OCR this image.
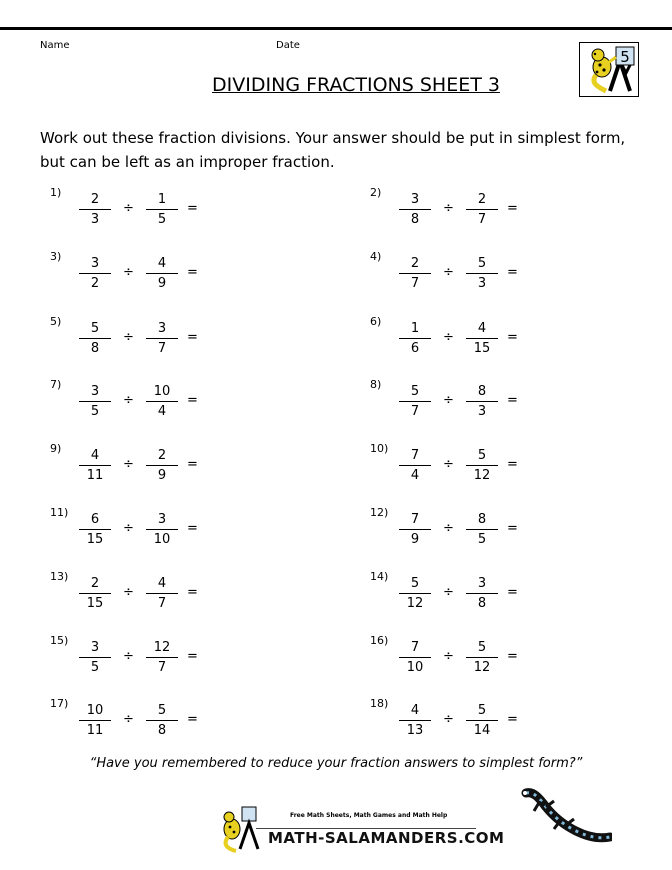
Name	Date
DIVIDING FRACTIONS SHEET 3
5
Work out these fraction divisions. Your answer should be put in simplest form, but can be left as an improper fraction.
1)	2
3
÷
1
5
=
2)	3
8
÷
2
7
=
3)	3
2
÷
4
9
=
4)	2
7
÷
5
3
=
5)	5
8
÷
3
7
=
6)	1
6
÷
4
15
=
7)	3
5
÷
10
4
=
8)	5
7
÷
8
3
=
9)	4
11
÷
2
9
=
10)	7
4
÷
5
12
=
11)	6
15
÷
3
10
=
12)	7
9
÷
8
5
=
13)	2
15
÷
4
7
=
14)	5
12
÷
3
8
=
15)	3
5
÷
12
7
=
16)	7
10
÷
5
12
=
17)	10
11
÷
5
8
=
18)	4
13
÷
5
14
=
“Have you remembered to reduce your fraction answers to simplest form?”
Free Math Sheets, Math Games and Math Help
MATH-SALAMANDERS.COM
